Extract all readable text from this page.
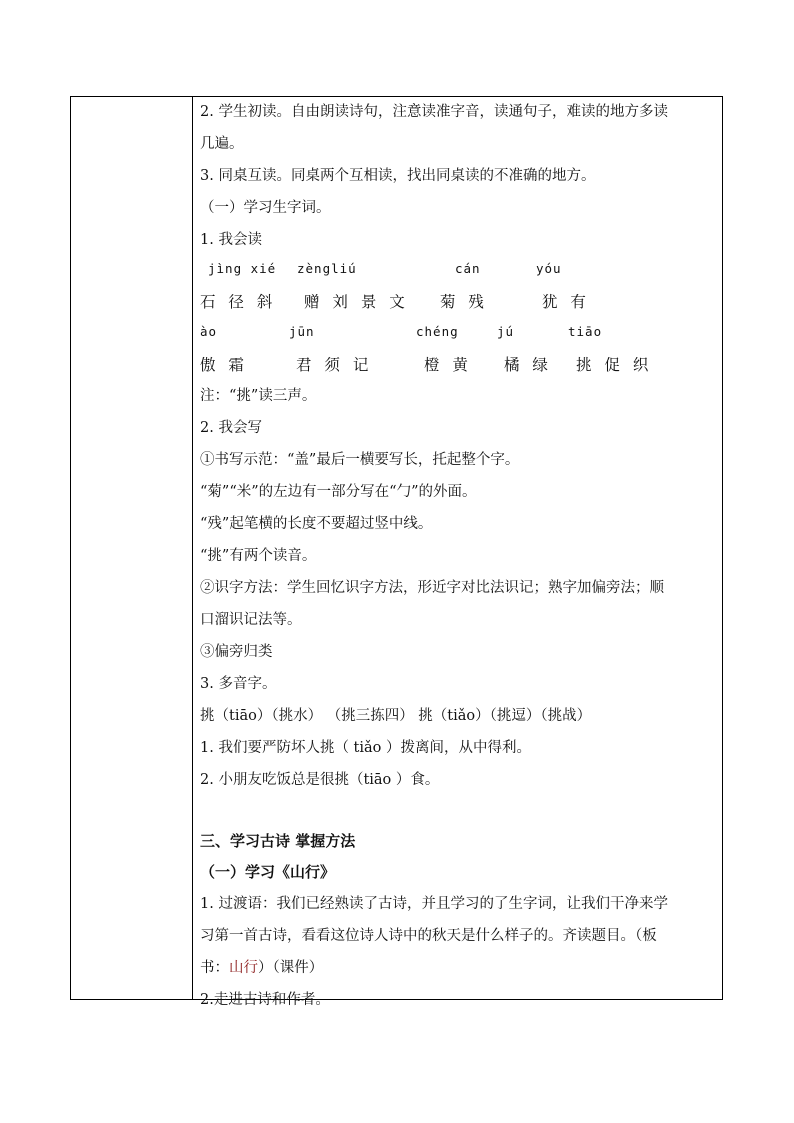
2. 学生初读。自由朗读诗句，注意读准字音，读通句子，难读的地方多读
几遍。
3. 同桌互读。同桌两个互相读，找出同桌读的不准确的地方。
（一）学习生字词。
1. 我会读
jìng xié zèngliú	cán	yóu
石 径 斜 赠 刘 景 文 菊 残	犹 有
ào	jūn	chéng	jú	tiāo
傲 霜	君 须 记	橙 黄 橘 绿 挑 促 织
注：“挑”读三声。
2. 我会写
①书写示范：“盖”最后一横要写长，托起整个字。
“菊”“米”的左边有一部分写在“勹”的外面。
“残”起笔横的长度不要超过竖中线。
“挑”有两个读音。
②识字方法：学生回忆识字方法，形近字对比法识记；熟字加偏旁法；顺
口溜识记法等。
③偏旁归类
3. 多音字。
挑（tiāo）（挑水） （挑三拣四） 挑（tiǎo）（挑逗）（挑战）
1. 我们要严防坏人挑（ tiǎo ）拨离间，从中得利。
2. 小朋友吃饭总是很挑（tiāo ）食。
三、学习古诗 掌握方法
（一）学习《山行》
1. 过渡语：我们已经熟读了古诗，并且学习的了生字词，让我们干净来学
习第一首古诗，看看这位诗人诗中的秋天是什么样子的。齐读题目。（板
书：山行）（课件）
2.走进古诗和作者。
